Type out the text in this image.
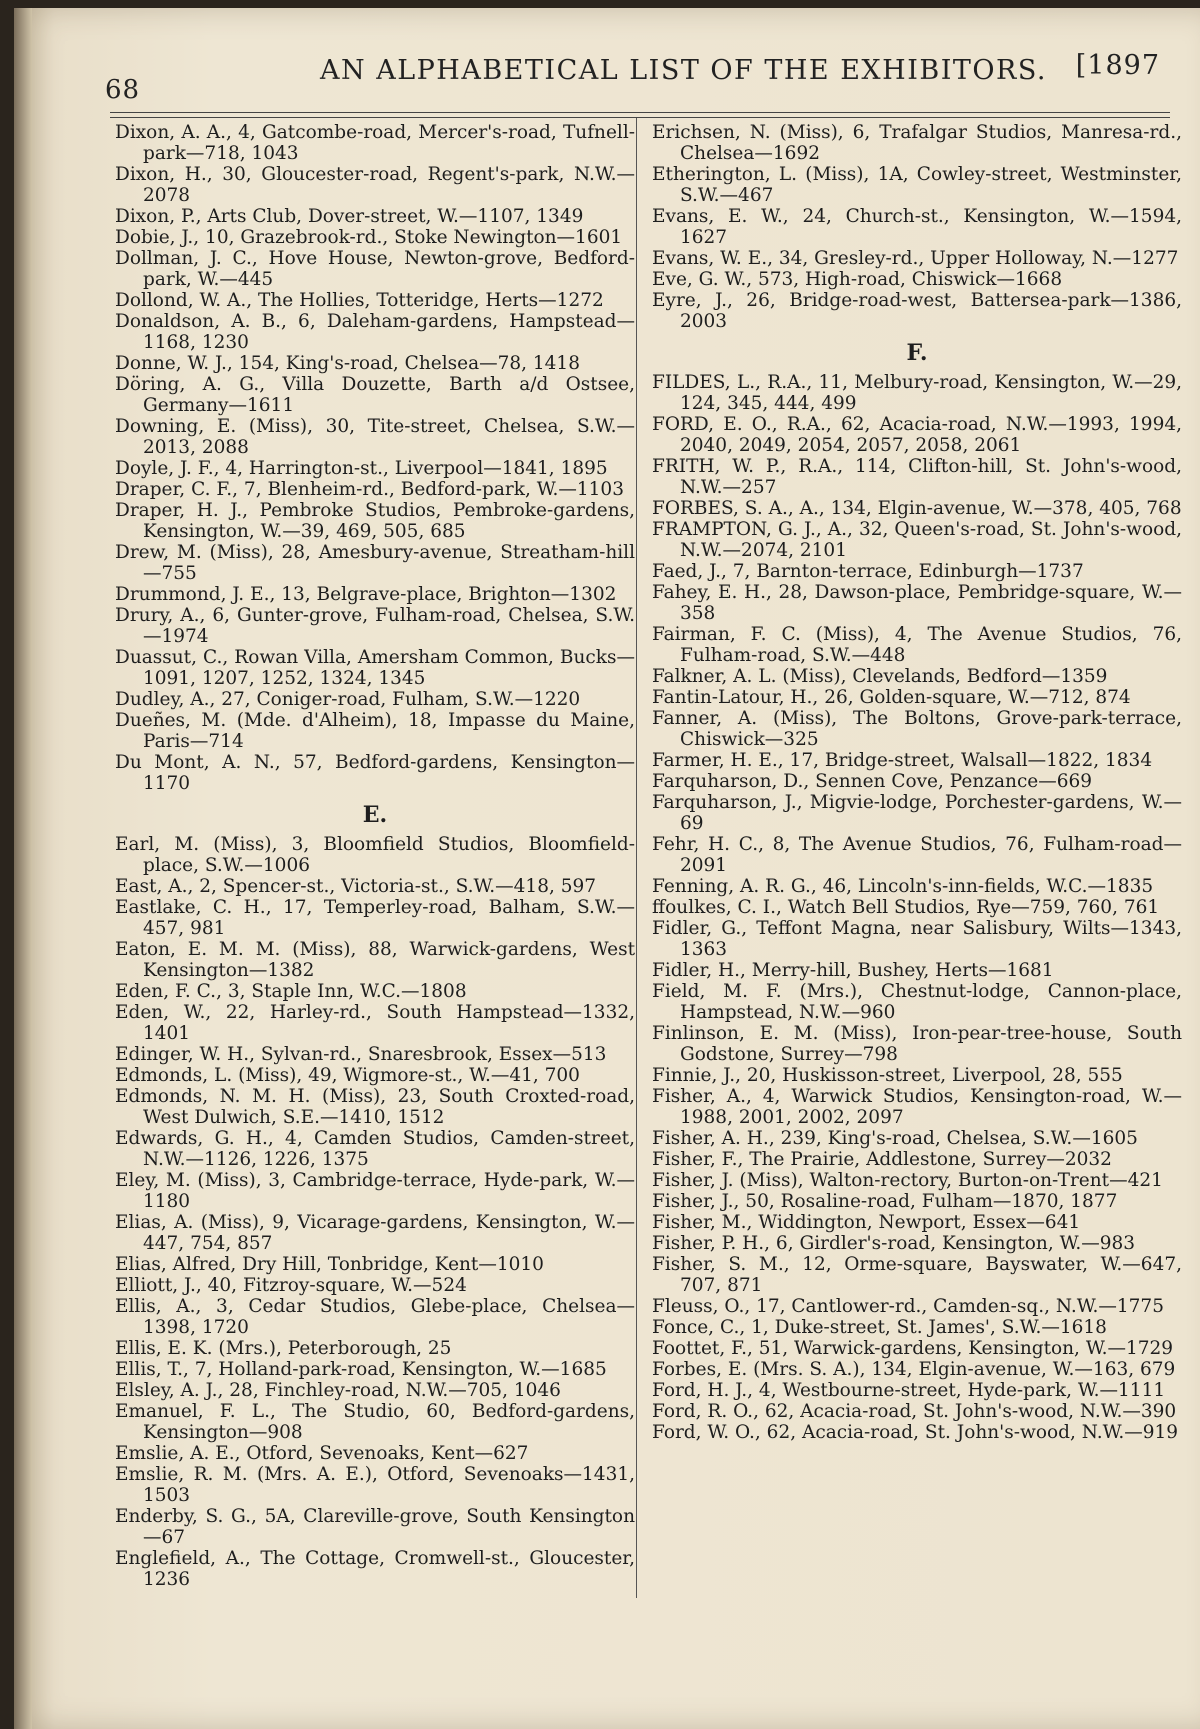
68
AN ALPHABETICAL LIST OF THE EXHIBITORS. [1897
Dixon, A. A., 4, Gatcombe-road, Mercer's-road, Tufnell-park—718, 1043
Dixon, H., 30, Gloucester-road, Regent's-park, N.W.—2078
Dixon, P., Arts Club, Dover-street, W.—1107, 1349
Dobie, J., 10, Grazebrook-rd., Stoke Newington—1601
Dollman, J. C., Hove House, Newton-grove, Bedford-park, W.—445
Dollond, W. A., The Hollies, Totteridge, Herts—1272
Donaldson, A. B., 6, Daleham-gardens, Hampstead—1168, 1230
Donne, W. J., 154, King's-road, Chelsea—78, 1418
Döring, A. G., Villa Douzette, Barth a/d Ostsee, Germany—1611
Downing, E. (Miss), 30, Tite-street, Chelsea, S.W.—2013, 2088
Doyle, J. F., 4, Harrington-st., Liverpool—1841, 1895
Draper, C. F., 7, Blenheim-rd., Bedford-park, W.—1103
Draper, H. J., Pembroke Studios, Pembroke-gardens, Kensington, W.—39, 469, 505, 685
Drew, M. (Miss), 28, Amesbury-avenue, Streatham-hill—755
Drummond, J. E., 13, Belgrave-place, Brighton—1302
Drury, A., 6, Gunter-grove, Fulham-road, Chelsea, S.W.—1974
Duassut, C., Rowan Villa, Amersham Common, Bucks—1091, 1207, 1252, 1324, 1345
Dudley, A., 27, Coniger-road, Fulham, S.W.—1220
Dueñes, M. (Mde. d'Alheim), 18, Impasse du Maine, Paris—714
Du Mont, A. N., 57, Bedford-gardens, Kensington—1170
E.
Earl, M. (Miss), 3, Bloomfield Studios, Bloomfield-place, S.W.—1006
East, A., 2, Spencer-st., Victoria-st., S.W.—418, 597
Eastlake, C. H., 17, Temperley-road, Balham, S.W.—457, 981
Eaton, E. M. M. (Miss), 88, Warwick-gardens, West Kensington—1382
Eden, F. C., 3, Staple Inn, W.C.—1808
Eden, W., 22, Harley-rd., South Hampstead—1332, 1401
Edinger, W. H., Sylvan-rd., Snaresbrook, Essex—513
Edmonds, L. (Miss), 49, Wigmore-st., W.—41, 700
Edmonds, N. M. H. (Miss), 23, South Croxted-road, West Dulwich, S.E.—1410, 1512
Edwards, G. H., 4, Camden Studios, Camden-street, N.W.—1126, 1226, 1375
Eley, M. (Miss), 3, Cambridge-terrace, Hyde-park, W.—1180
Elias, A. (Miss), 9, Vicarage-gardens, Kensington, W.—447, 754, 857
Elias, Alfred, Dry Hill, Tonbridge, Kent—1010
Elliott, J., 40, Fitzroy-square, W.—524
Ellis, A., 3, Cedar Studios, Glebe-place, Chelsea—1398, 1720
Ellis, E. K. (Mrs.), Peterborough, 25
Ellis, T., 7, Holland-park-road, Kensington, W.—1685
Elsley, A. J., 28, Finchley-road, N.W.—705, 1046
Emanuel, F. L., The Studio, 60, Bedford-gardens, Kensington—908
Emslie, A. E., Otford, Sevenoaks, Kent—627
Emslie, R. M. (Mrs. A. E.), Otford, Sevenoaks—1431, 1503
Enderby, S. G., 5A, Clareville-grove, South Kensington—67
Englefield, A., The Cottage, Cromwell-st., Gloucester, 1236
Erichsen, N. (Miss), 6, Trafalgar Studios, Manresa-rd., Chelsea—1692
Etherington, L. (Miss), 1A, Cowley-street, Westminster, S.W.—467
Evans, E. W., 24, Church-st., Kensington, W.—1594, 1627
Evans, W. E., 34, Gresley-rd., Upper Holloway, N.—1277
Eve, G. W., 573, High-road, Chiswick—1668
Eyre, J., 26, Bridge-road-west, Battersea-park—1386, 2003
F.
FILDES, L., R.A., 11, Melbury-road, Kensington, W.—29, 124, 345, 444, 499
FORD, E. O., R.A., 62, Acacia-road, N.W.—1993, 1994, 2040, 2049, 2054, 2057, 2058, 2061
FRITH, W. P., R.A., 114, Clifton-hill, St. John's-wood, N.W.—257
FORBES, S. A., A., 134, Elgin-avenue, W.—378, 405, 768
FRAMPTON, G. J., A., 32, Queen's-road, St. John's-wood, N.W.—2074, 2101
Faed, J., 7, Barnton-terrace, Edinburgh—1737
Fahey, E. H., 28, Dawson-place, Pembridge-square, W.—358
Fairman, F. C. (Miss), 4, The Avenue Studios, 76, Fulham-road, S.W.—448
Falkner, A. L. (Miss), Clevelands, Bedford—1359
Fantin-Latour, H., 26, Golden-square, W.—712, 874
Fanner, A. (Miss), The Boltons, Grove-park-terrace, Chiswick—325
Farmer, H. E., 17, Bridge-street, Walsall—1822, 1834
Farquharson, D., Sennen Cove, Penzance—669
Farquharson, J., Migvie-lodge, Porchester-gardens, W.—69
Fehr, H. C., 8, The Avenue Studios, 76, Fulham-road—2091
Fenning, A. R. G., 46, Lincoln's-inn-fields, W.C.—1835
ffoulkes, C. I., Watch Bell Studios, Rye—759, 760, 761
Fidler, G., Teffont Magna, near Salisbury, Wilts—1343, 1363
Fidler, H., Merry-hill, Bushey, Herts—1681
Field, M. F. (Mrs.), Chestnut-lodge, Cannon-place, Hampstead, N.W.—960
Finlinson, E. M. (Miss), Iron-pear-tree-house, South Godstone, Surrey—798
Finnie, J., 20, Huskisson-street, Liverpool, 28, 555
Fisher, A., 4, Warwick Studios, Kensington-road, W.—1988, 2001, 2002, 2097
Fisher, A. H., 239, King's-road, Chelsea, S.W.—1605
Fisher, F., The Prairie, Addlestone, Surrey—2032
Fisher, J. (Miss), Walton-rectory, Burton-on-Trent—421
Fisher, J., 50, Rosaline-road, Fulham—1870, 1877
Fisher, M., Widdington, Newport, Essex—641
Fisher, P. H., 6, Girdler's-road, Kensington, W.—983
Fisher, S. M., 12, Orme-square, Bayswater, W.—647, 707, 871
Fleuss, O., 17, Cantlower-rd., Camden-sq., N.W.—1775
Fonce, C., 1, Duke-street, St. James', S.W.—1618
Foottet, F., 51, Warwick-gardens, Kensington, W.—1729
Forbes, E. (Mrs. S. A.), 134, Elgin-avenue, W.—163, 679
Ford, H. J., 4, Westbourne-street, Hyde-park, W.—1111
Ford, R. O., 62, Acacia-road, St. John's-wood, N.W.—390
Ford, W. O., 62, Acacia-road, St. John's-wood, N.W.—919
